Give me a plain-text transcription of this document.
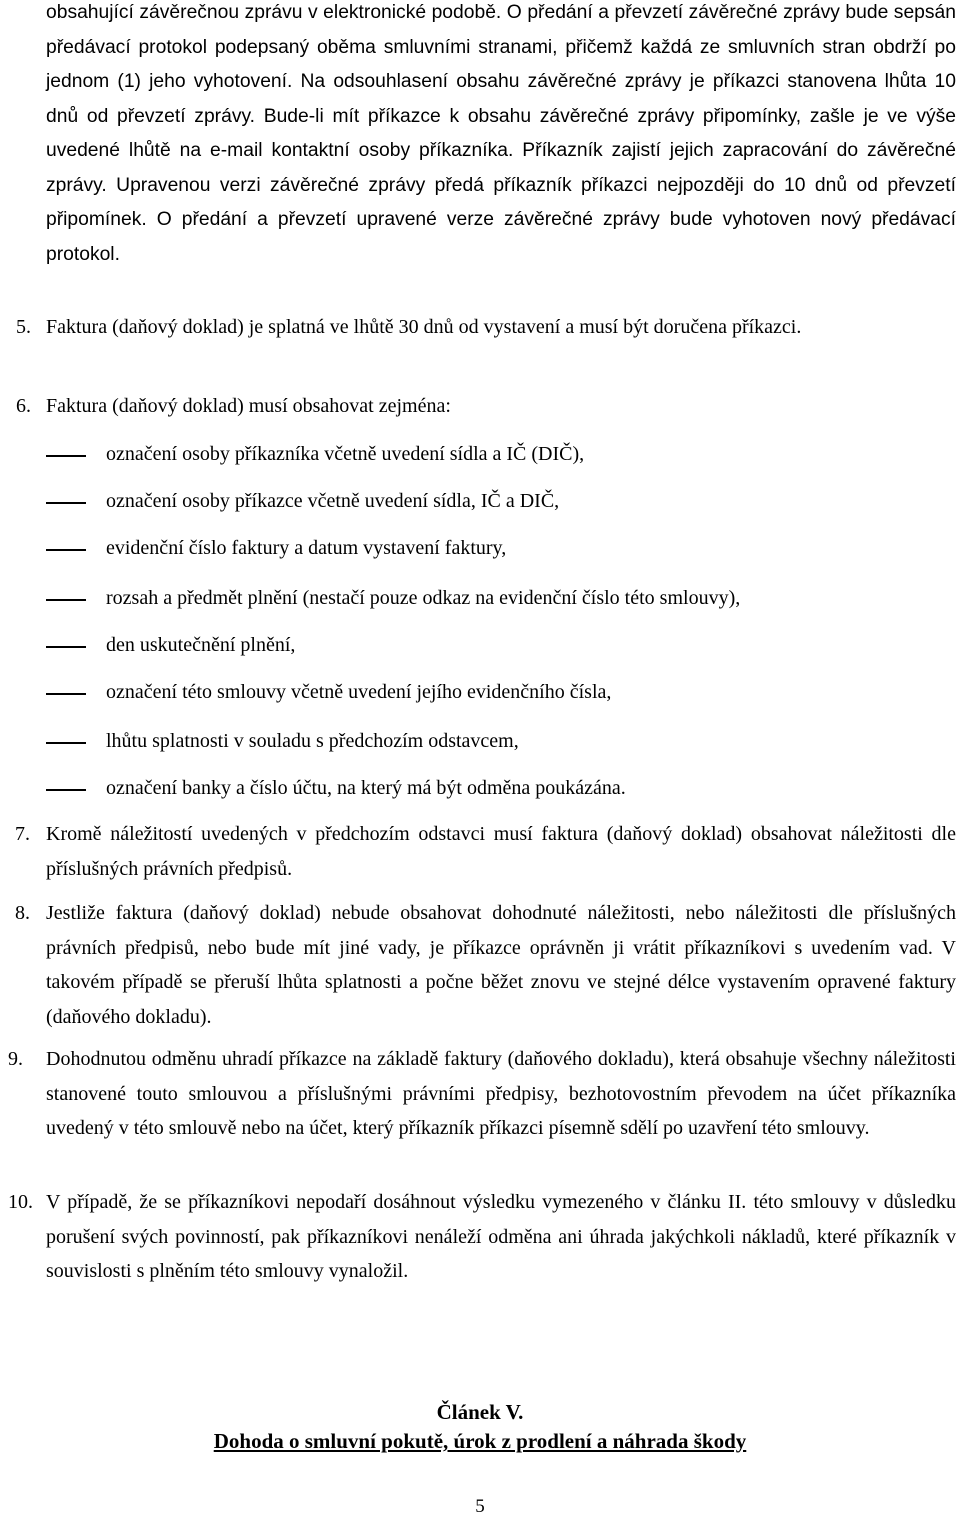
obsahující závěrečnou zprávu v elektronické podobě. O předání a převzetí závěrečné zprávy bude sepsán předávací protokol podepsaný oběma smluvními stranami, přičemž každá ze smluvních stran obdrží po jednom (1) jeho vyhotovení. Na odsouhlasení obsahu závěrečné zprávy je příkazci stanovena lhůta 10 dnů od převzetí zprávy. Bude-li mít příkazce k obsahu závěrečné zprávy připomínky, zašle je ve výše uvedené lhůtě na e-mail kontaktní osoby příkazníka. Příkazník zajistí jejich zapracování do závěrečné zprávy. Upravenou verzi závěrečné zprávy předá příkazník příkazci nejpozději do 10 dnů od převzetí připomínek. O předání a převzetí upravené verze závěrečné zprávy bude vyhotoven nový předávací protokol.
5. Faktura (daňový doklad) je splatná ve lhůtě 30 dnů od vystavení a musí být doručena příkazci.
6. Faktura (daňový doklad) musí obsahovat zejména:
označení osoby příkazníka včetně uvedení sídla a IČ (DIČ),
označení osoby příkazce včetně uvedení sídla, IČ a DIČ,
evidenční číslo faktury a datum vystavení faktury,
rozsah a předmět plnění (nestačí pouze odkaz na evidenční číslo této smlouvy),
den uskutečnění plnění,
označení této smlouvy včetně uvedení jejího evidenčního čísla,
lhůtu splatnosti v souladu s předchozím odstavcem,
označení banky a číslo účtu, na který má být odměna poukázána.
7. Kromě náležitostí uvedených v předchozím odstavci musí faktura (daňový doklad) obsahovat náležitosti dle příslušných právních předpisů.
8. Jestliže faktura (daňový doklad) nebude obsahovat dohodnuté náležitosti, nebo náležitosti dle příslušných právních předpisů, nebo bude mít jiné vady, je příkazce oprávněn ji vrátit příkazníkovi s uvedením vad. V takovém případě se přeruší lhůta splatnosti a počne běžet znovu ve stejné délce vystavením opravené faktury (daňového dokladu).
9. Dohodnutou odměnu uhradí příkazce na základě faktury (daňového dokladu), která obsahuje všechny náležitosti stanovené touto smlouvou a příslušnými právními předpisy, bezhotovostním převodem na účet příkazníka uvedený v této smlouvě nebo na účet, který příkazník příkazci písemně sdělí po uzavření této smlouvy.
10. V případě, že se příkazníkovi nepodaří dosáhnout výsledku vymezeného v článku II. této smlouvy v důsledku porušení svých povinností, pak příkazníkovi nenáleží odměna ani úhrada jakýchkoli nákladů, které příkazník v souvislosti s plněním této smlouvy vynaložil.
Článek V.
Dohoda o smluvní pokutě, úrok z prodlení a náhrada škody
5
